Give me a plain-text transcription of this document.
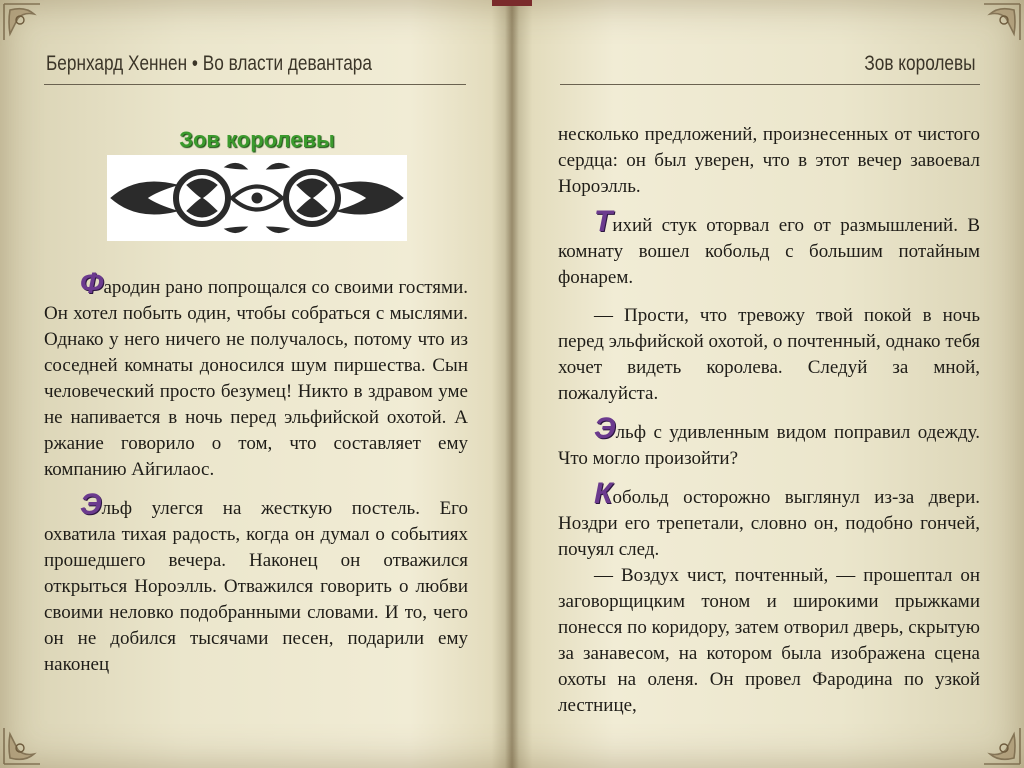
Бернхард Хеннен • Во власти девантара	Зов королевы
Зов королевы

Фаpодин рано попрощался со своими гостями. Он хотел побыть один, чтобы собраться с мыслями. Однако у него ничего не получалось, потому что из соседней комнаты доносился шум пиршества. Сын человеческий просто безумец! Никто в здравом уме не напивается в ночь перед эльфийской охотой. А ржание говорило о том, что составляет ему компанию Айгилаос.

Эльф улегся на жесткую постель. Его охватила тихая радость, когда он думал о событиях прошедшего вечера. Наконец он отважился открыться Нороэлль. Отважился говорить о любви своими неловко подобранными словами. И то, чего он не добился тысячами песен, подарили ему наконец

несколько предложений, произнесенных от чистого сердца: он был уверен, что в этот вечер завоевал Нороэлль.

Тихий стук оторвал его от размышлений. В комнату вошел кобольд с большим потайным фонарем.

— Прости, что тревожу твой покой в ночь перед эльфийской охотой, о почтенный, однако тебя хочет видеть королева. Следуй за мной, пожалуйста.

Эльф с удивленным видом поправил одежду. Что могло произойти?

Кобольд осторожно выглянул из-за двери. Ноздри его трепетали, словно он, подобно гончей, почуял след.

— Воздух чист, почтенный, — прошептал он заговорщицким тоном и широкими прыжками понесся по коридору, затем отворил дверь, скрытую за занавесом, на котором была изображена сцена охоты на оленя. Он провел Фародина по узкой лестнице,
